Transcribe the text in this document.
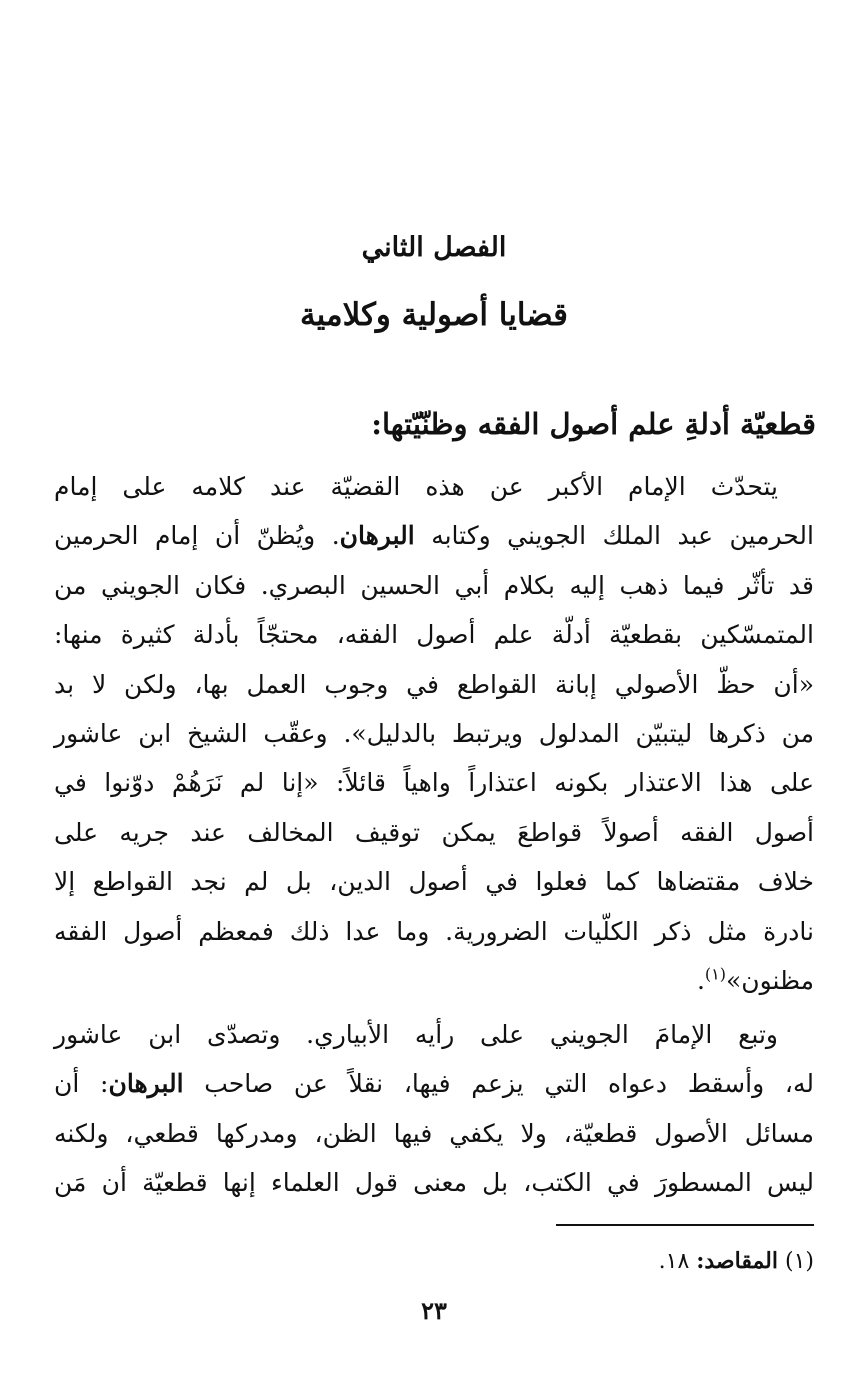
الفصل الثاني
قضايا أصولية وكلامية
قطعيّة أدلةِ علم أصول الفقه وظنّيّتها:
يتحدّث الإمام الأكبر عن هذه القضيّة عند كلامه على إمام
الحرمين عبد الملك الجويني وكتابه البرهان. ويُظنّ أن إمام الحرمين
قد تأثّر فيما ذهب إليه بكلام أبي الحسين البصري. فكان الجويني من
المتمسّكين بقطعيّة أدلّة علم أصول الفقه، محتجّاً بأدلة كثيرة منها:
«أن حظّ الأصولي إبانة القواطع في وجوب العمل بها، ولكن لا بد
من ذكرها ليتبيّن المدلول ويرتبط بالدليل». وعقّب الشيخ ابن عاشور
على هذا الاعتذار بكونه اعتذاراً واهياً قائلاً: «إنا لم نَرَهُمْ دوّنوا في
أصول الفقه أصولاً قواطعَ يمكن توقيف المخالف عند جريه على
خلاف مقتضاها كما فعلوا في أصول الدين، بل لم نجد القواطع إلا
نادرة مثل ذكر الكلّيات الضرورية. وما عدا ذلك فمعظم أصول الفقه
مظنون»$^{(١)}$.
وتبع الإمامَ الجويني على رأيه الأبياري. وتصدّى ابن عاشور
له، وأسقط دعواه التي يزعم فيها، نقلاً عن صاحب البرهان: أن
مسائل الأصول قطعيّة، ولا يكفي فيها الظن، ومدركها قطعي، ولكنه
ليس المسطورَ في الكتب، بل معنى قول العلماء إنها قطعيّة أن مَن

(١) المقاصد: ١٨.

٢٣
